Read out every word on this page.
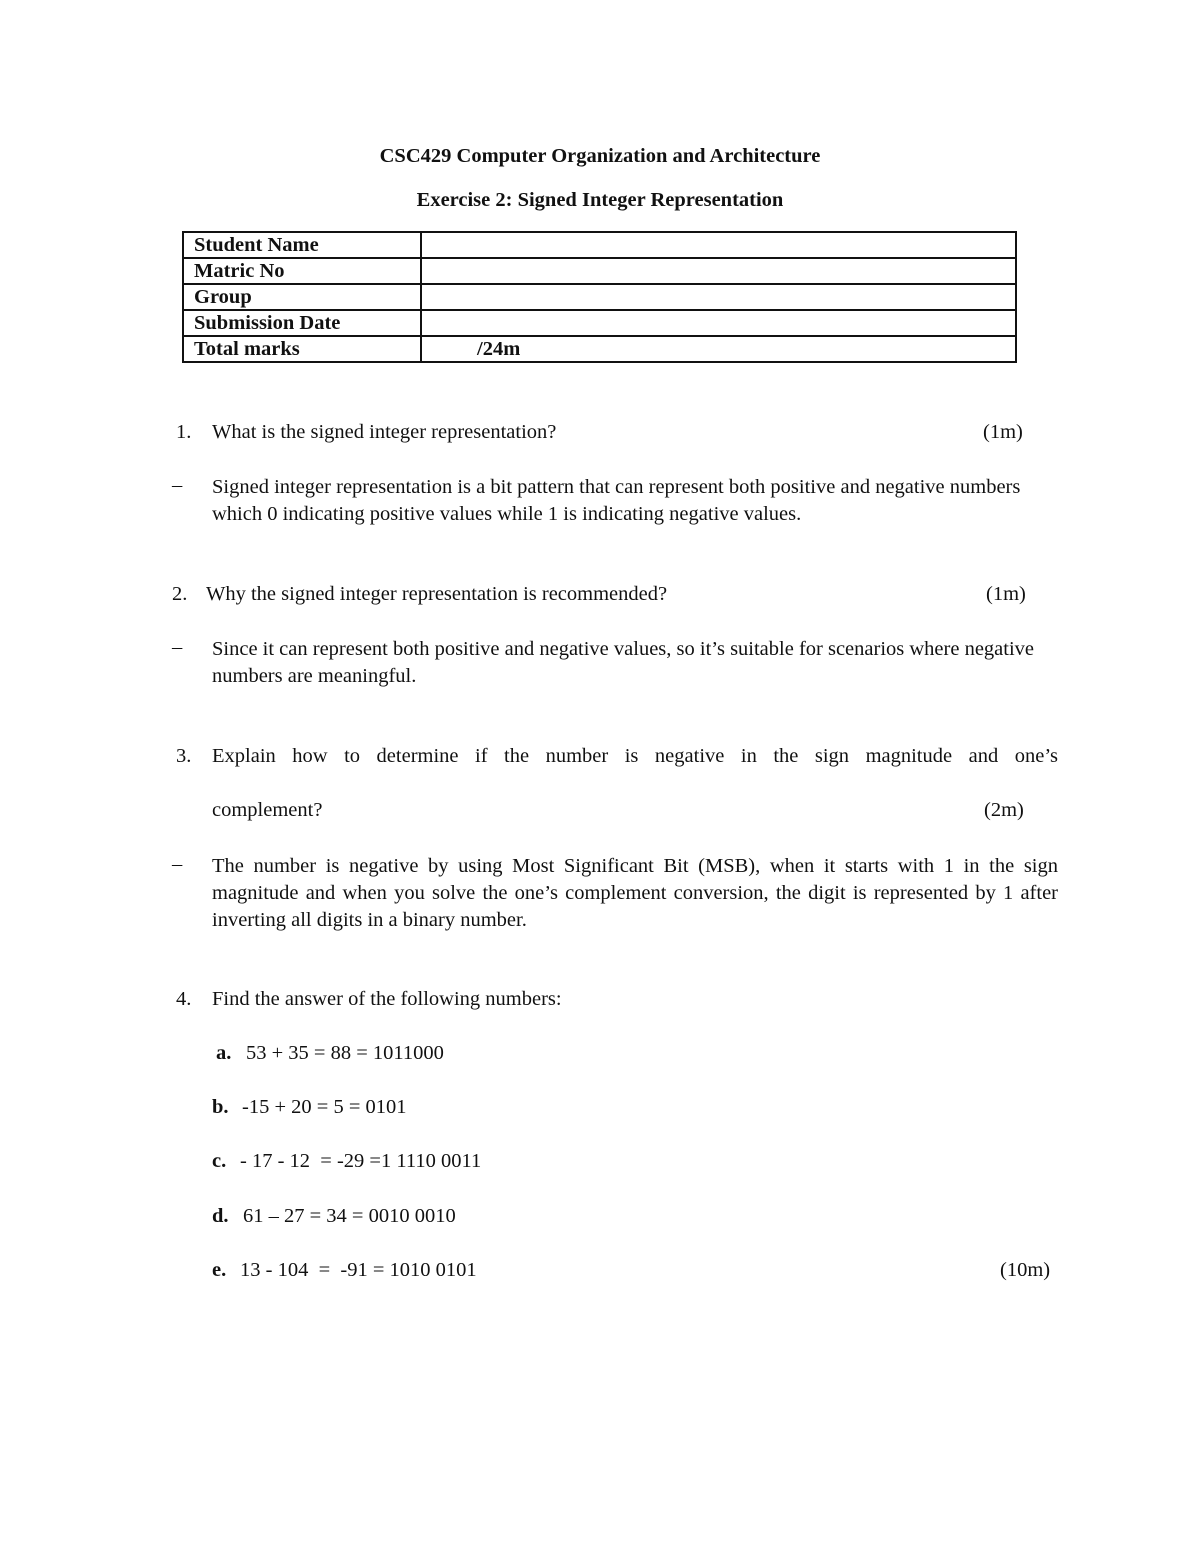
CSC429 Computer Organization and Architecture
Exercise 2: Signed Integer Representation
Student Name	
Matric No	
Group	
Submission Date	
Total marks	/24m
1. What is the signed integer representation?	(1m)
– Signed integer representation is a bit pattern that can represent both positive and negative numbers which 0 indicating positive values while 1 is indicating negative values.
2. Why the signed integer representation is recommended?	(1m)
– Since it can represent both positive and negative values, so it’s suitable for scenarios where negative numbers are meaningful.
3. Explain how to determine if the number is negative in the sign magnitude and one’s
complement?	(2m)
– The number is negative by using Most Significant Bit (MSB), when it starts with 1 in the sign magnitude and when you solve the one’s complement conversion, the digit is represented by 1 after inverting all digits in a binary number.
4. Find the answer of the following numbers:
a. 53 + 35 = 88 = 1011000
b. -15 + 20 = 5 = 0101
c. - 17 - 12  = -29 =1 1110 0011
d. 61 – 27 = 34 = 0010 0010
e. 13 - 104  =  -91 = 1010 0101	(10m)
